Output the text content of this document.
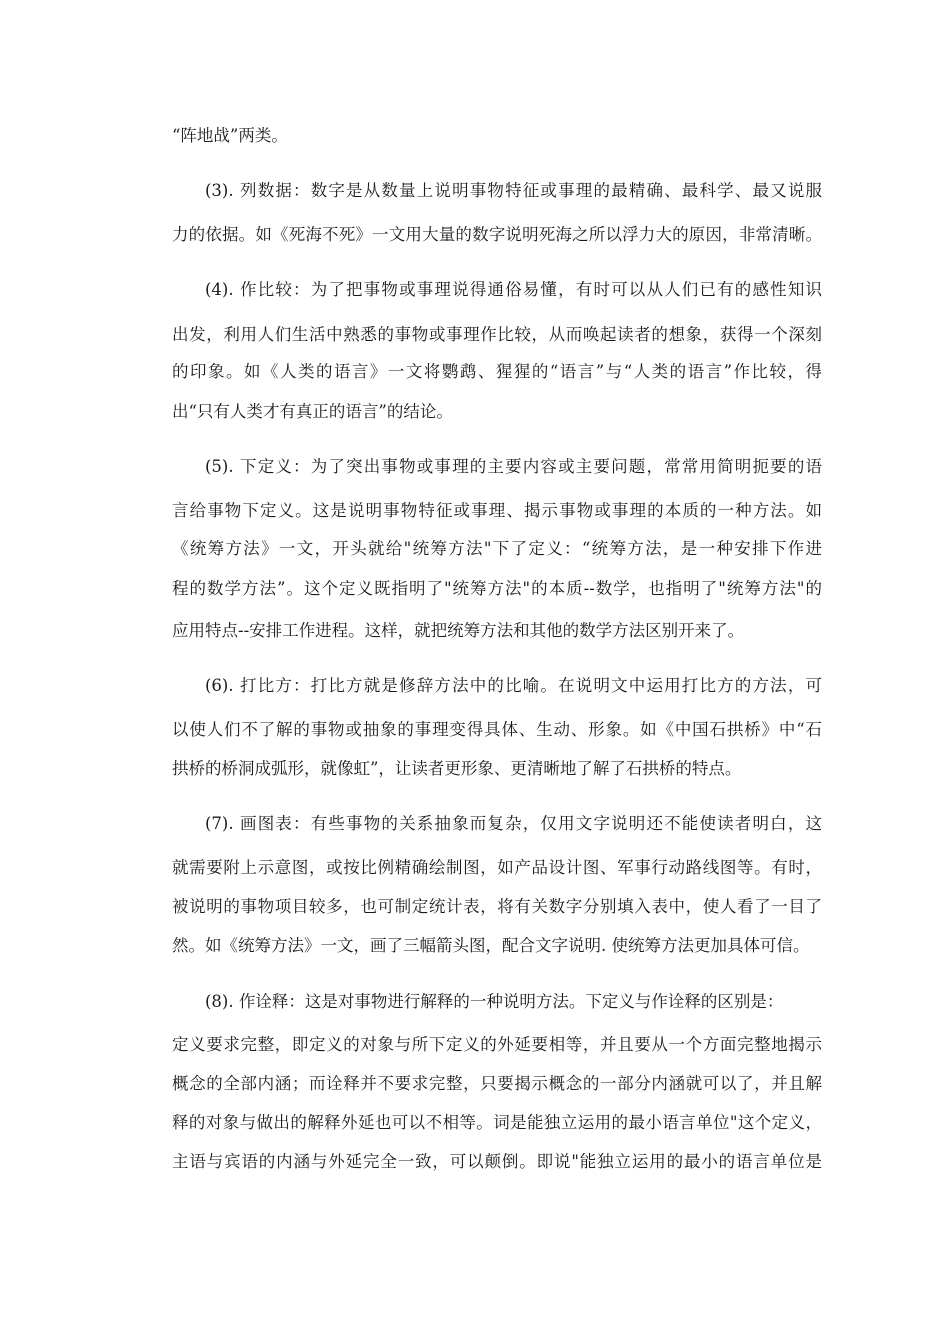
“阵地战”两类。
(3). 列数据：数字是从数量上说明事物特征或事理的最精确、最科学、最又说服
力的依据。如《死海不死》一文用大量的数字说明死海之所以浮力大的原因，非常清晰。
(4). 作比较：为了把事物或事理说得通俗易懂，有时可以从人们已有的感性知识
出发，利用人们生活中熟悉的事物或事理作比较，从而唤起读者的想象，获得一个深刻
的印象。如《人类的语言》一文将鹦鹉、猩猩的“语言”与“人类的语言”作比较，得
出“只有人类才有真正的语言”的结论。
(5). 下定义：为了突出事物或事理的主要内容或主要问题，常常用简明扼要的语
言给事物下定义。这是说明事物特征或事理、揭示事物或事理的本质的一种方法。如
《统筹方法》一文，开头就给"统筹方法"下了定义：“统筹方法，是一种安排下作进
程的数学方法”。这个定义既指明了"统筹方法"的本质--数学，也指明了"统筹方法"的
应用特点--安排工作进程。这样，就把统筹方法和其他的数学方法区别开来了。
(6). 打比方：打比方就是修辞方法中的比喻。在说明文中运用打比方的方法，可
以使人们不了解的事物或抽象的事理变得具体、生动、形象。如《中国石拱桥》中“石
拱桥的桥洞成弧形，就像虹”，让读者更形象、更清晰地了解了石拱桥的特点。
(7). 画图表：有些事物的关系抽象而复杂，仅用文字说明还不能使读者明白，这
就需要附上示意图，或按比例精确绘制图，如产品设计图、军事行动路线图等。有时，
被说明的事物项目较多，也可制定统计表，将有关数字分别填入表中，使人看了一目了
然。如《统筹方法》一文，画了三幅箭头图，配合文字说明. 使统筹方法更加具体可信。
(8). 作诠释：这是对事物进行解释的一种说明方法。下定义与作诠释的区别是：
定义要求完整，即定义的对象与所下定义的外延要相等，并且要从一个方面完整地揭示
概念的全部内涵；而诠释并不要求完整，只要揭示概念的一部分内涵就可以了，并且解
释的对象与做出的解释外延也可以不相等。词是能独立运用的最小语言单位"这个定义，
主语与宾语的内涵与外延完全一致，可以颠倒。即说"能独立运用的最小的语言单位是
